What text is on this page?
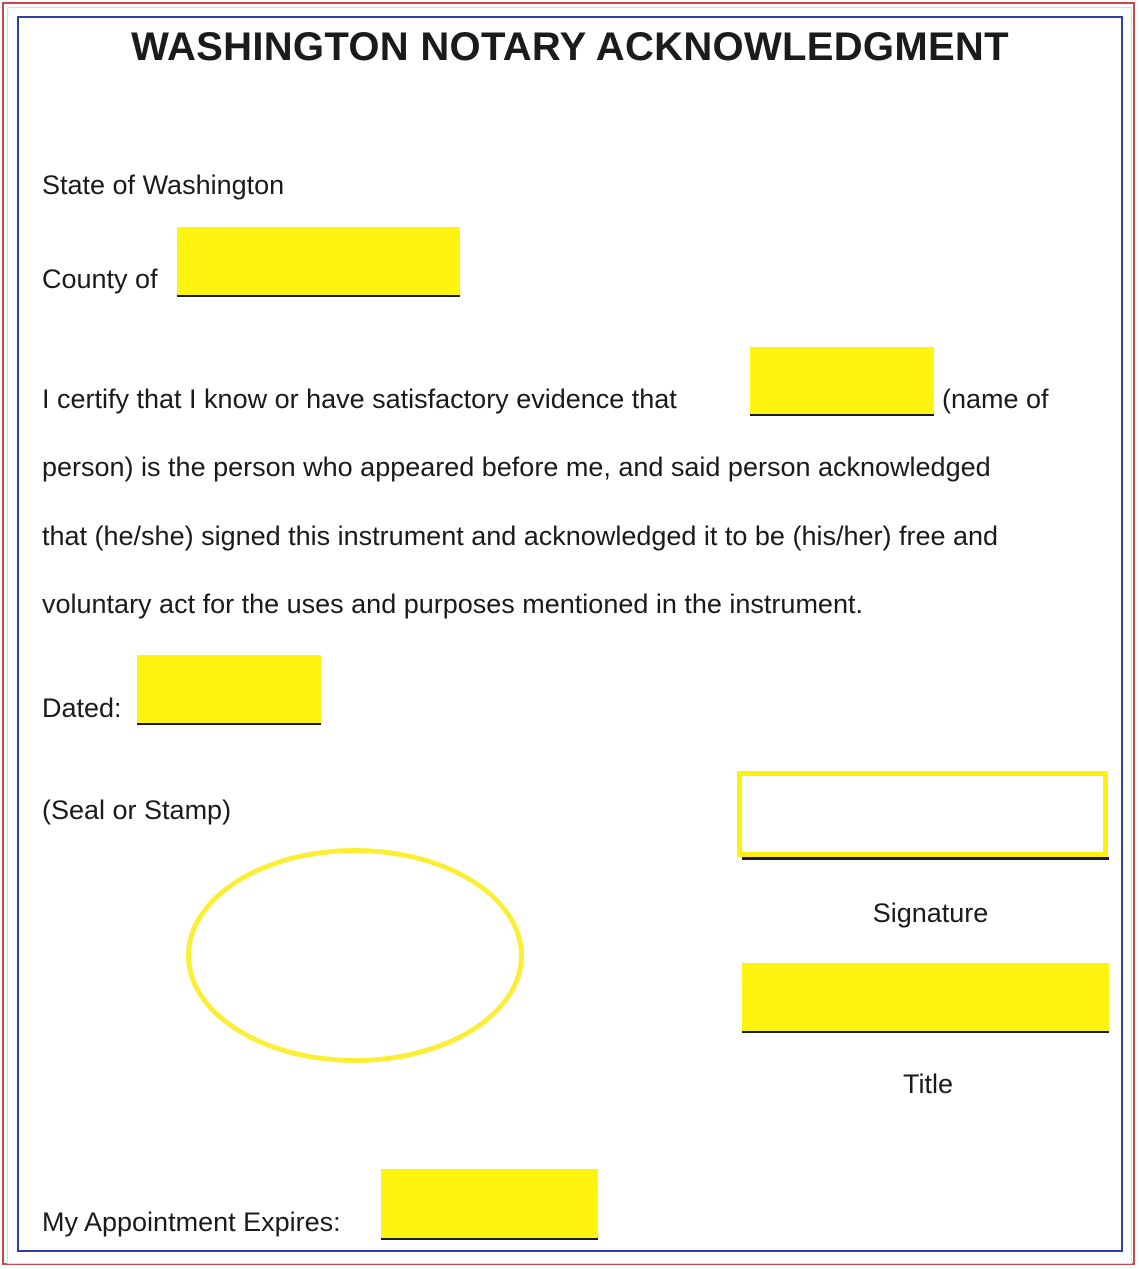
WASHINGTON NOTARY ACKNOWLEDGMENT
State of Washington
County of
I certify that I know or have satisfactory evidence that	(name of
person) is the person who appeared before me, and said person acknowledged
that (he/she) signed this instrument and acknowledged it to be (his/her) free and
voluntary act for the uses and purposes mentioned in the instrument.
Dated:
(Seal or Stamp)
Signature
Title
My Appointment Expires:
